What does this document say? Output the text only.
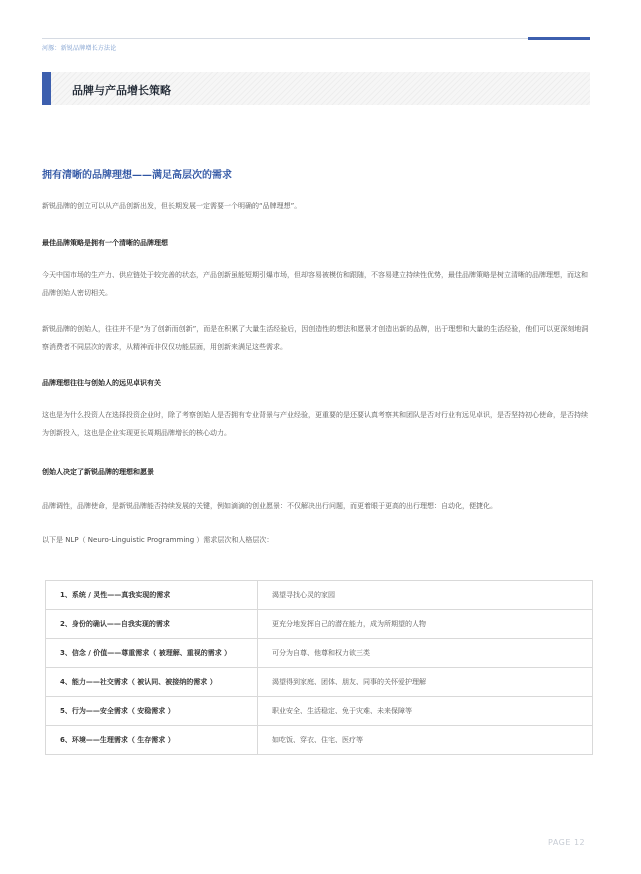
河豚：新锐品牌增长方法论
品牌与产品增长策略
拥有清晰的品牌理想——满足高层次的需求
新锐品牌的创立可以从产品创新出发，但长期发展一定需要一个明确的“品牌理想”。
最佳品牌策略是拥有一个清晰的品牌理想
今天中国市场的生产力、供应链处于较完善的状态，产品创新虽能短期引爆市场，但却容易被模仿和跟随，不容易建立持续性优势，最佳品牌策略是树立清晰的品牌理想，而这和品牌创始人密切相关。
新锐品牌的创始人，往往并不是“为了创新而创新”，而是在积累了大量生活经验后，因创造性的想法和愿景才创造出新的品牌，出于理想和大量的生活经验，他们可以更深刻地洞察消费者不同层次的需求，从精神而非仅仅功能层面，用创新来满足这些需求。
品牌理想往往与创始人的远见卓识有关
这也是为什么投资人在选择投资企业时，除了考察创始人是否拥有专业背景与产业经验，更重要的是还要认真考察其和团队是否对行业有远见卓识，是否坚持初心使命，是否持续为创新投入，这也是企业实现更长周期品牌增长的核心动力。
创始人决定了新锐品牌的理想和愿景
品牌调性，品牌使命，是新锐品牌能否持续发展的关键，例如滴滴的创业愿景：不仅解决出行问题，而更着眼于更高的出行理想：自动化，便捷化。
以下是 NLP（ Neuro-Linguistic Programming ）需求层次和人格层次：
1、系统 / 灵性——真我实现的需求	渴望寻找心灵的家园
2、身份的确认——自我实现的需求	更充分地发挥自己的潜在能力，成为所期望的人物
3、信念 / 价值——尊重需求（ 被理解、重视的需求 ）	可分为自尊、他尊和权力欲三类
4、能力——社交需求（ 被认同、被接纳的需求 ）	渴望得到家庭、团体、朋友、同事的关怀爱护理解
5、行为——安全需求（ 安稳需求 ）	职业安全、生活稳定、免于灾难、未来保障等
6、环境——生理需求（ 生存需求 ）	如吃饭、穿衣、住宅、医疗等
PAGE 12
